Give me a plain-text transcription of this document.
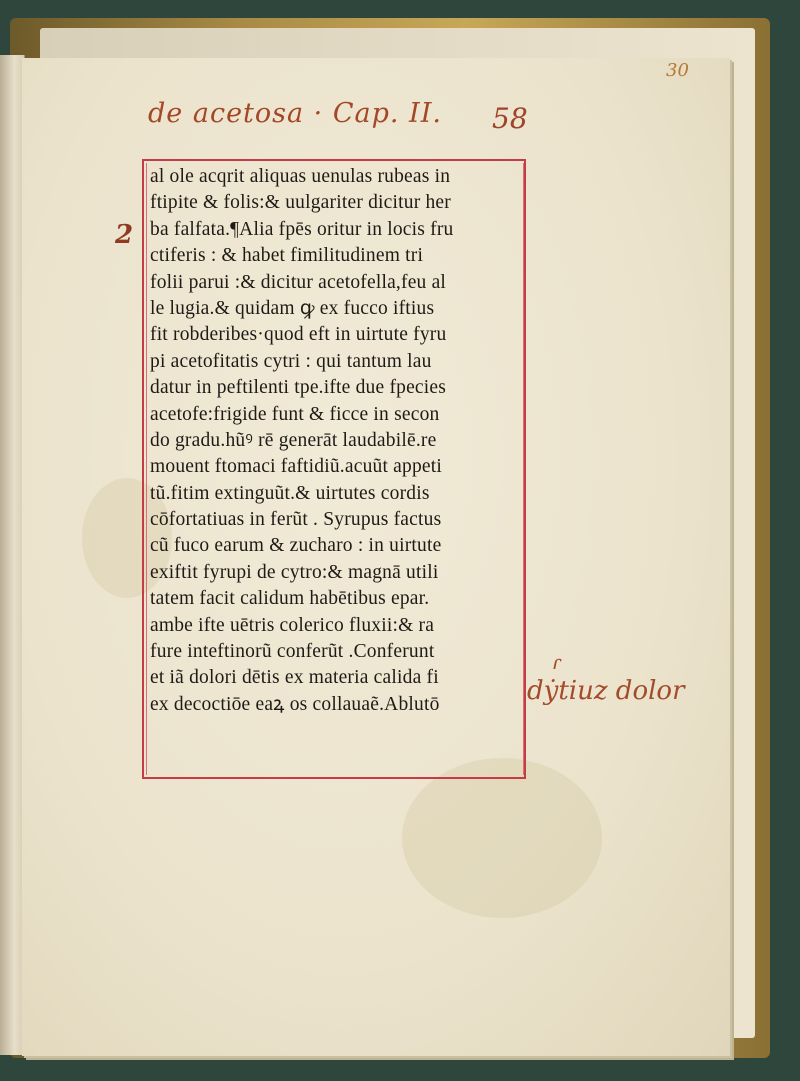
de acetosa · Cap. II. 58
30
2
ɾ
dẏtiuz dolor
al ole acqrit aliquas uenulas rubeas in
ftipite & folis:& uulgariter dicitur her
ba falfata.¶Alia fpēs oritur in locis fru
ctiferis : & habet fimilitudinem tri
folii parui :& dicitur acetofella,feu al
le lugia.& quidam ꝙ ex fucco iftius
fit robderibes·quod eft in uirtute fyru
pi acetofitatis cytri : qui tantum lau
datur in peftilenti tpe.ifte due fpecies
acetofe:frigide funt & ficce in secon
do gradu.hũꝰ rē generāt laudabilē.re
mouent ftomaci faftidiũ.acuũt appeti
tũ.fitim extinguũt.& uirtutes cordis
cōfortatiuas in ferũt . Syrupus factus
cũ fuco earum & zucharo : in uirtute
exiftit fyrupi de cytro:& magnā utili
tatem facit calidum habētibus epar.
ambe ifte uētris colerico fluxii:& ra
fure inteftinorũ conferũt .Conferunt
et iã dolori dētis ex materia calida fi
ex decoctiōe eaꝝ os collauaẽ.Ablutō
